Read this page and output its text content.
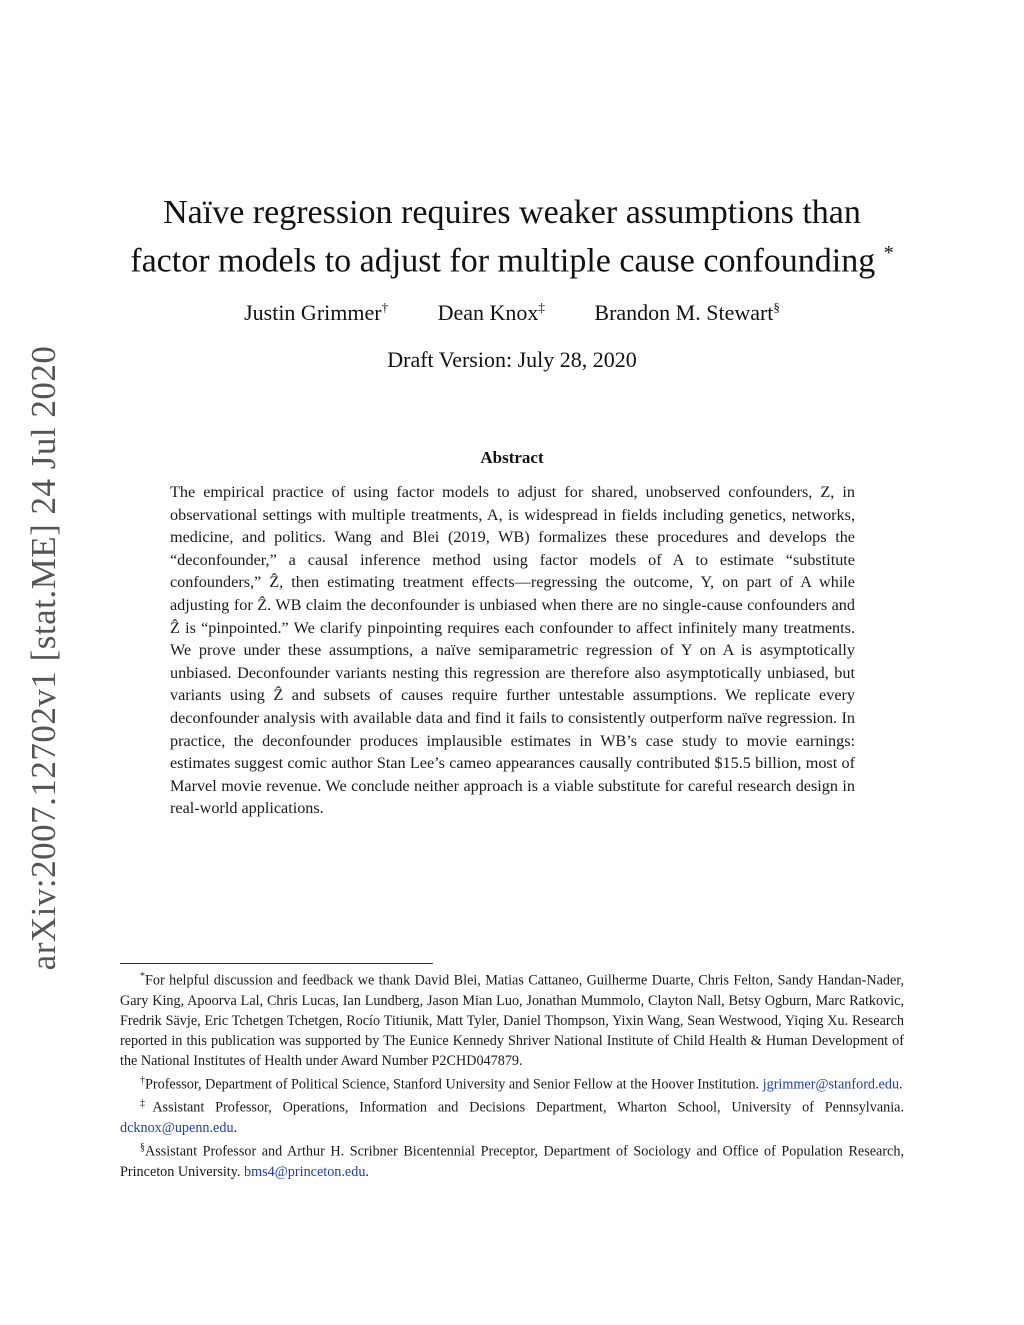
arXiv:2007.12702v1 [stat.ME] 24 Jul 2020
Naïve regression requires weaker assumptions than
factor models to adjust for multiple cause confounding *
Justin Grimmer† Dean Knox‡ Brandon M. Stewart§
Draft Version: July 28, 2020
Abstract
The empirical practice of using factor models to adjust for shared, unobserved confounders, Z, in observational settings with multiple treatments, A, is widespread in fields including genetics, networks, medicine, and politics. Wang and Blei (2019, WB) formalizes these procedures and develops the “deconfounder,” a causal inference method using factor models of A to estimate “substitute confounders,” Ẑ, then estimating treatment effects—regressing the outcome, Y, on part of A while adjusting for Ẑ. WB claim the deconfounder is unbiased when there are no single-cause confounders and Ẑ is “pinpointed.” We clarify pinpointing requires each confounder to affect infinitely many treatments. We prove under these assumptions, a naïve semiparametric regression of Y on A is asymptotically unbiased. Deconfounder variants nesting this regression are therefore also asymptotically unbiased, but variants using Ẑ and subsets of causes require further untestable assumptions. We replicate every deconfounder analysis with available data and find it fails to consistently outperform naïve regression. In practice, the deconfounder produces implausible estimates in WB’s case study to movie earnings: estimates suggest comic author Stan Lee’s cameo appearances causally contributed $15.5 billion, most of Marvel movie revenue. We conclude neither approach is a viable substitute for careful research design in real-world applications.

*For helpful discussion and feedback we thank David Blei, Matias Cattaneo, Guilherme Duarte, Chris Felton, Sandy Handan-Nader, Gary King, Apoorva Lal, Chris Lucas, Ian Lundberg, Jason Mian Luo, Jonathan Mummolo, Clayton Nall, Betsy Ogburn, Marc Ratkovic, Fredrik Sävje, Eric Tchetgen Tchetgen, Rocío Titiunik, Matt Tyler, Daniel Thompson, Yixin Wang, Sean Westwood, Yiqing Xu. Research reported in this publication was supported by The Eunice Kennedy Shriver National Institute of Child Health & Human Development of the National Institutes of Health under Award Number P2CHD047879.

†Professor, Department of Political Science, Stanford University and Senior Fellow at the Hoover Institution. jgrimmer@stanford.edu.

‡Assistant Professor, Operations, Information and Decisions Department, Wharton School, University of Pennsylvania. dcknox@upenn.edu.

§Assistant Professor and Arthur H. Scribner Bicentennial Preceptor, Department of Sociology and Office of Population Research, Princeton University. bms4@princeton.edu.
